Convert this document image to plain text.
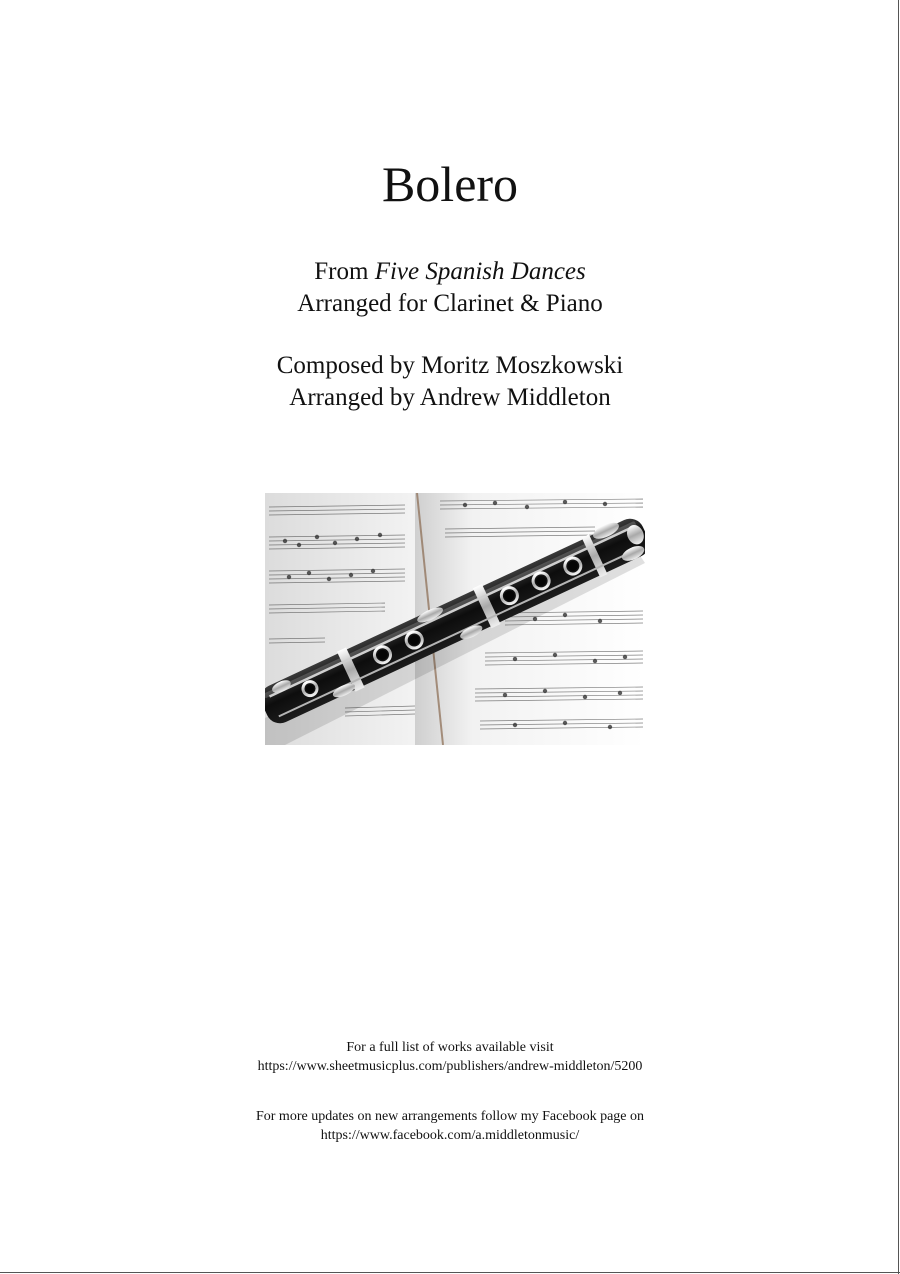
Bolero

From Five Spanish Dances

Arranged for Clarinet & Piano

Composed by Moritz Moszkowski

Arranged by Andrew Middleton

For a full list of works available visit

https://www.sheetmusicplus.com/publishers/andrew-middleton/5200

For more updates on new arrangements follow my Facebook page on

https://www.facebook.com/a.middletonmusic/
